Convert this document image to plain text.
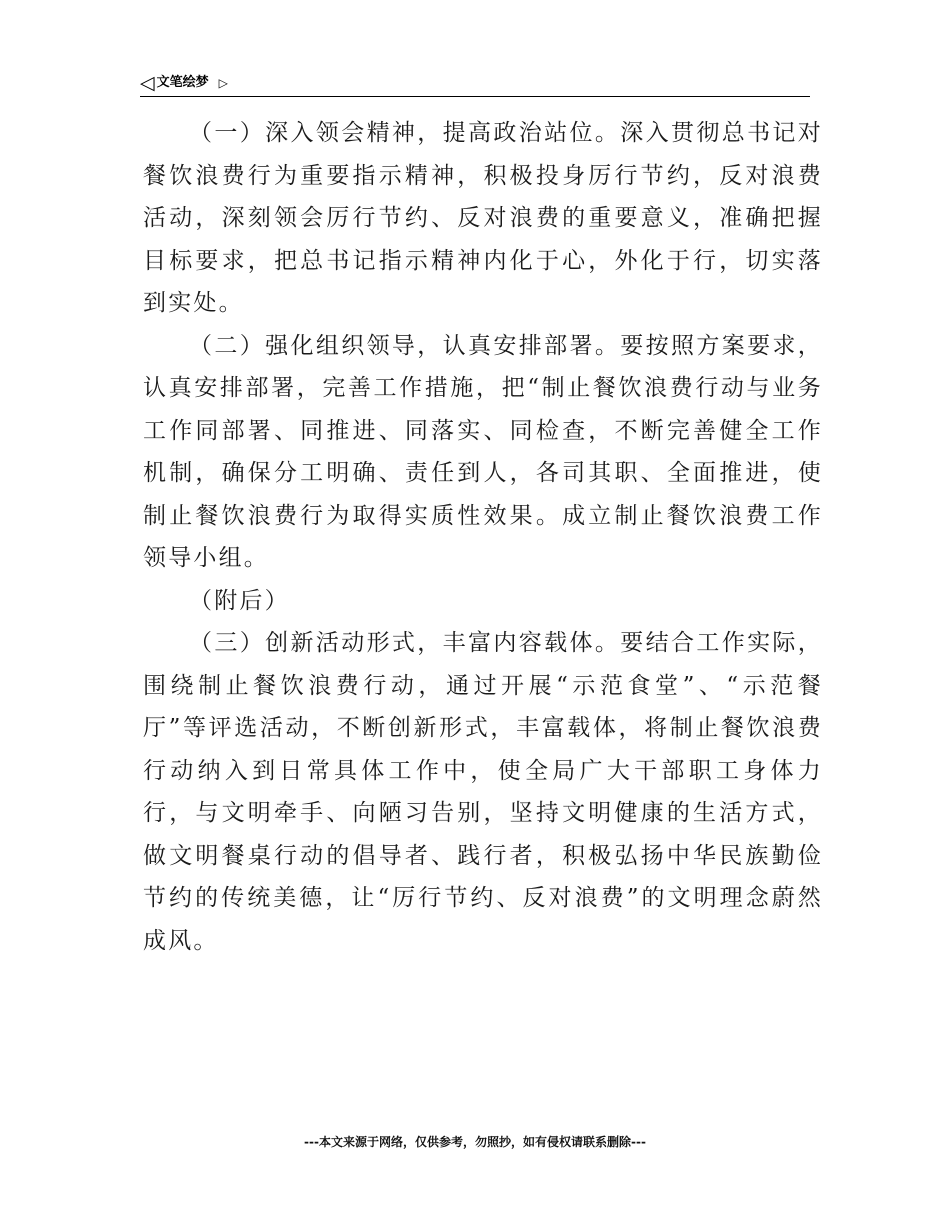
◁ 文笔绘梦 ▷

（一）深入领会精神，提高政治站位。深入贯彻总书记对餐饮浪费行为重要指示精神，积极投身厉行节约，反对浪费活动，深刻领会厉行节约、反对浪费的重要意义，准确把握目标要求，把总书记指示精神内化于心，外化于行，切实落到实处。

（二）强化组织领导，认真安排部署。要按照方案要求，认真安排部署，完善工作措施，把“制止餐饮浪费行动与业务工作同部署、同推进、同落实、同检查，不断完善健全工作机制，确保分工明确、责任到人，各司其职、全面推进，使制止餐饮浪费行为取得实质性效果。成立制止餐饮浪费工作领导小组。

（附后）

（三）创新活动形式，丰富内容载体。要结合工作实际，围绕制止餐饮浪费行动，通过开展“示范食堂”、“示范餐厅”等评选活动，不断创新形式，丰富载体，将制止餐饮浪费行动纳入到日常具体工作中，使全局广大干部职工身体力行，与文明牵手、向陋习告别，坚持文明健康的生活方式，做文明餐桌行动的倡导者、践行者，积极弘扬中华民族勤俭节约的传统美德，让“厉行节约、反对浪费”的文明理念蔚然成风。

---本文来源于网络，仅供参考，勿照抄，如有侵权请联系删除---
